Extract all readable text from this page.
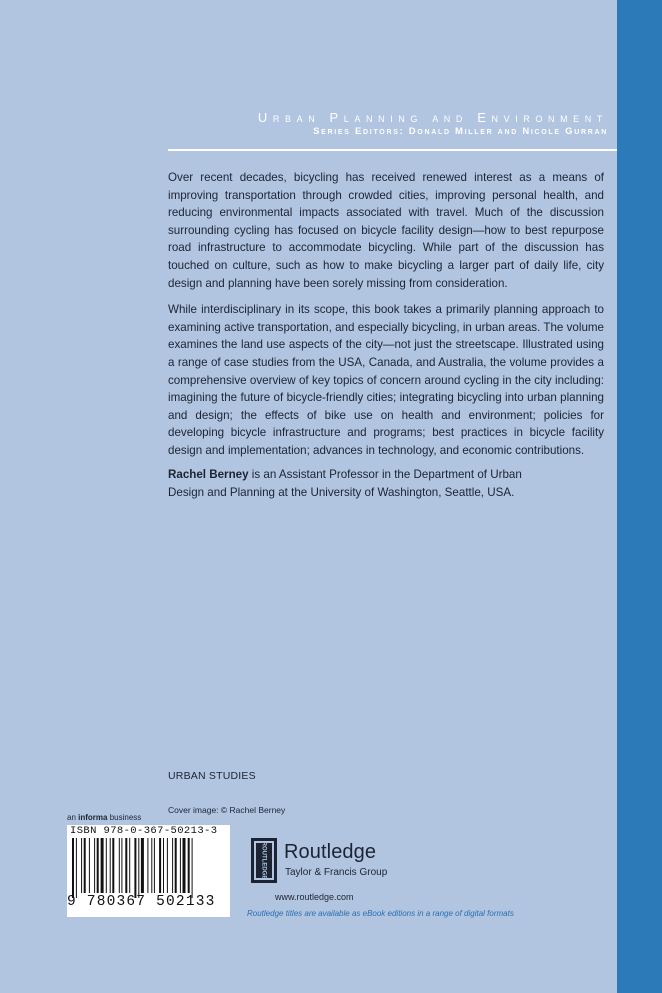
Urban Planning and Environment
Series Editors: Donald Miller and Nicole Gurran

Over recent decades, bicycling has received renewed interest as a means of improving transportation through crowded cities, improving personal health, and reducing environmental impacts associated with travel. Much of the discussion surrounding cycling has focused on bicycle facility design—how to best repurpose road infrastructure to accommodate bicycling. While part of the discussion has touched on culture, such as how to make bicycling a larger part of daily life, city design and planning have been sorely missing from consideration.

While interdisciplinary in its scope, this book takes a primarily planning approach to examining active transportation, and especially bicycling, in urban areas. The volume examines the land use aspects of the city—not just the streetscape. Illustrated using a range of case studies from the USA, Canada, and Australia, the volume provides a comprehensive overview of key topics of concern around cycling in the city including: imagining the future of bicycle-friendly cities; integrating bicycling into urban planning and design; the effects of bike use on health and environment; policies for developing bicycle infrastructure and programs; best practices in bicycle facility design and implementation; advances in technology, and economic contributions.

Rachel Berney is an Assistant Professor in the Department of Urban
Design and Planning at the University of Washington, Seattle, USA.
URBAN STUDIES
Cover image: © Rachel Berney
an informa business
ISBN 978-0-367-50213-3
9 780367 502133
ROUTLEDGE Routledge
Taylor & Francis Group
www.routledge.com
Routledge titles are available as eBook editions in a range of digital formats
